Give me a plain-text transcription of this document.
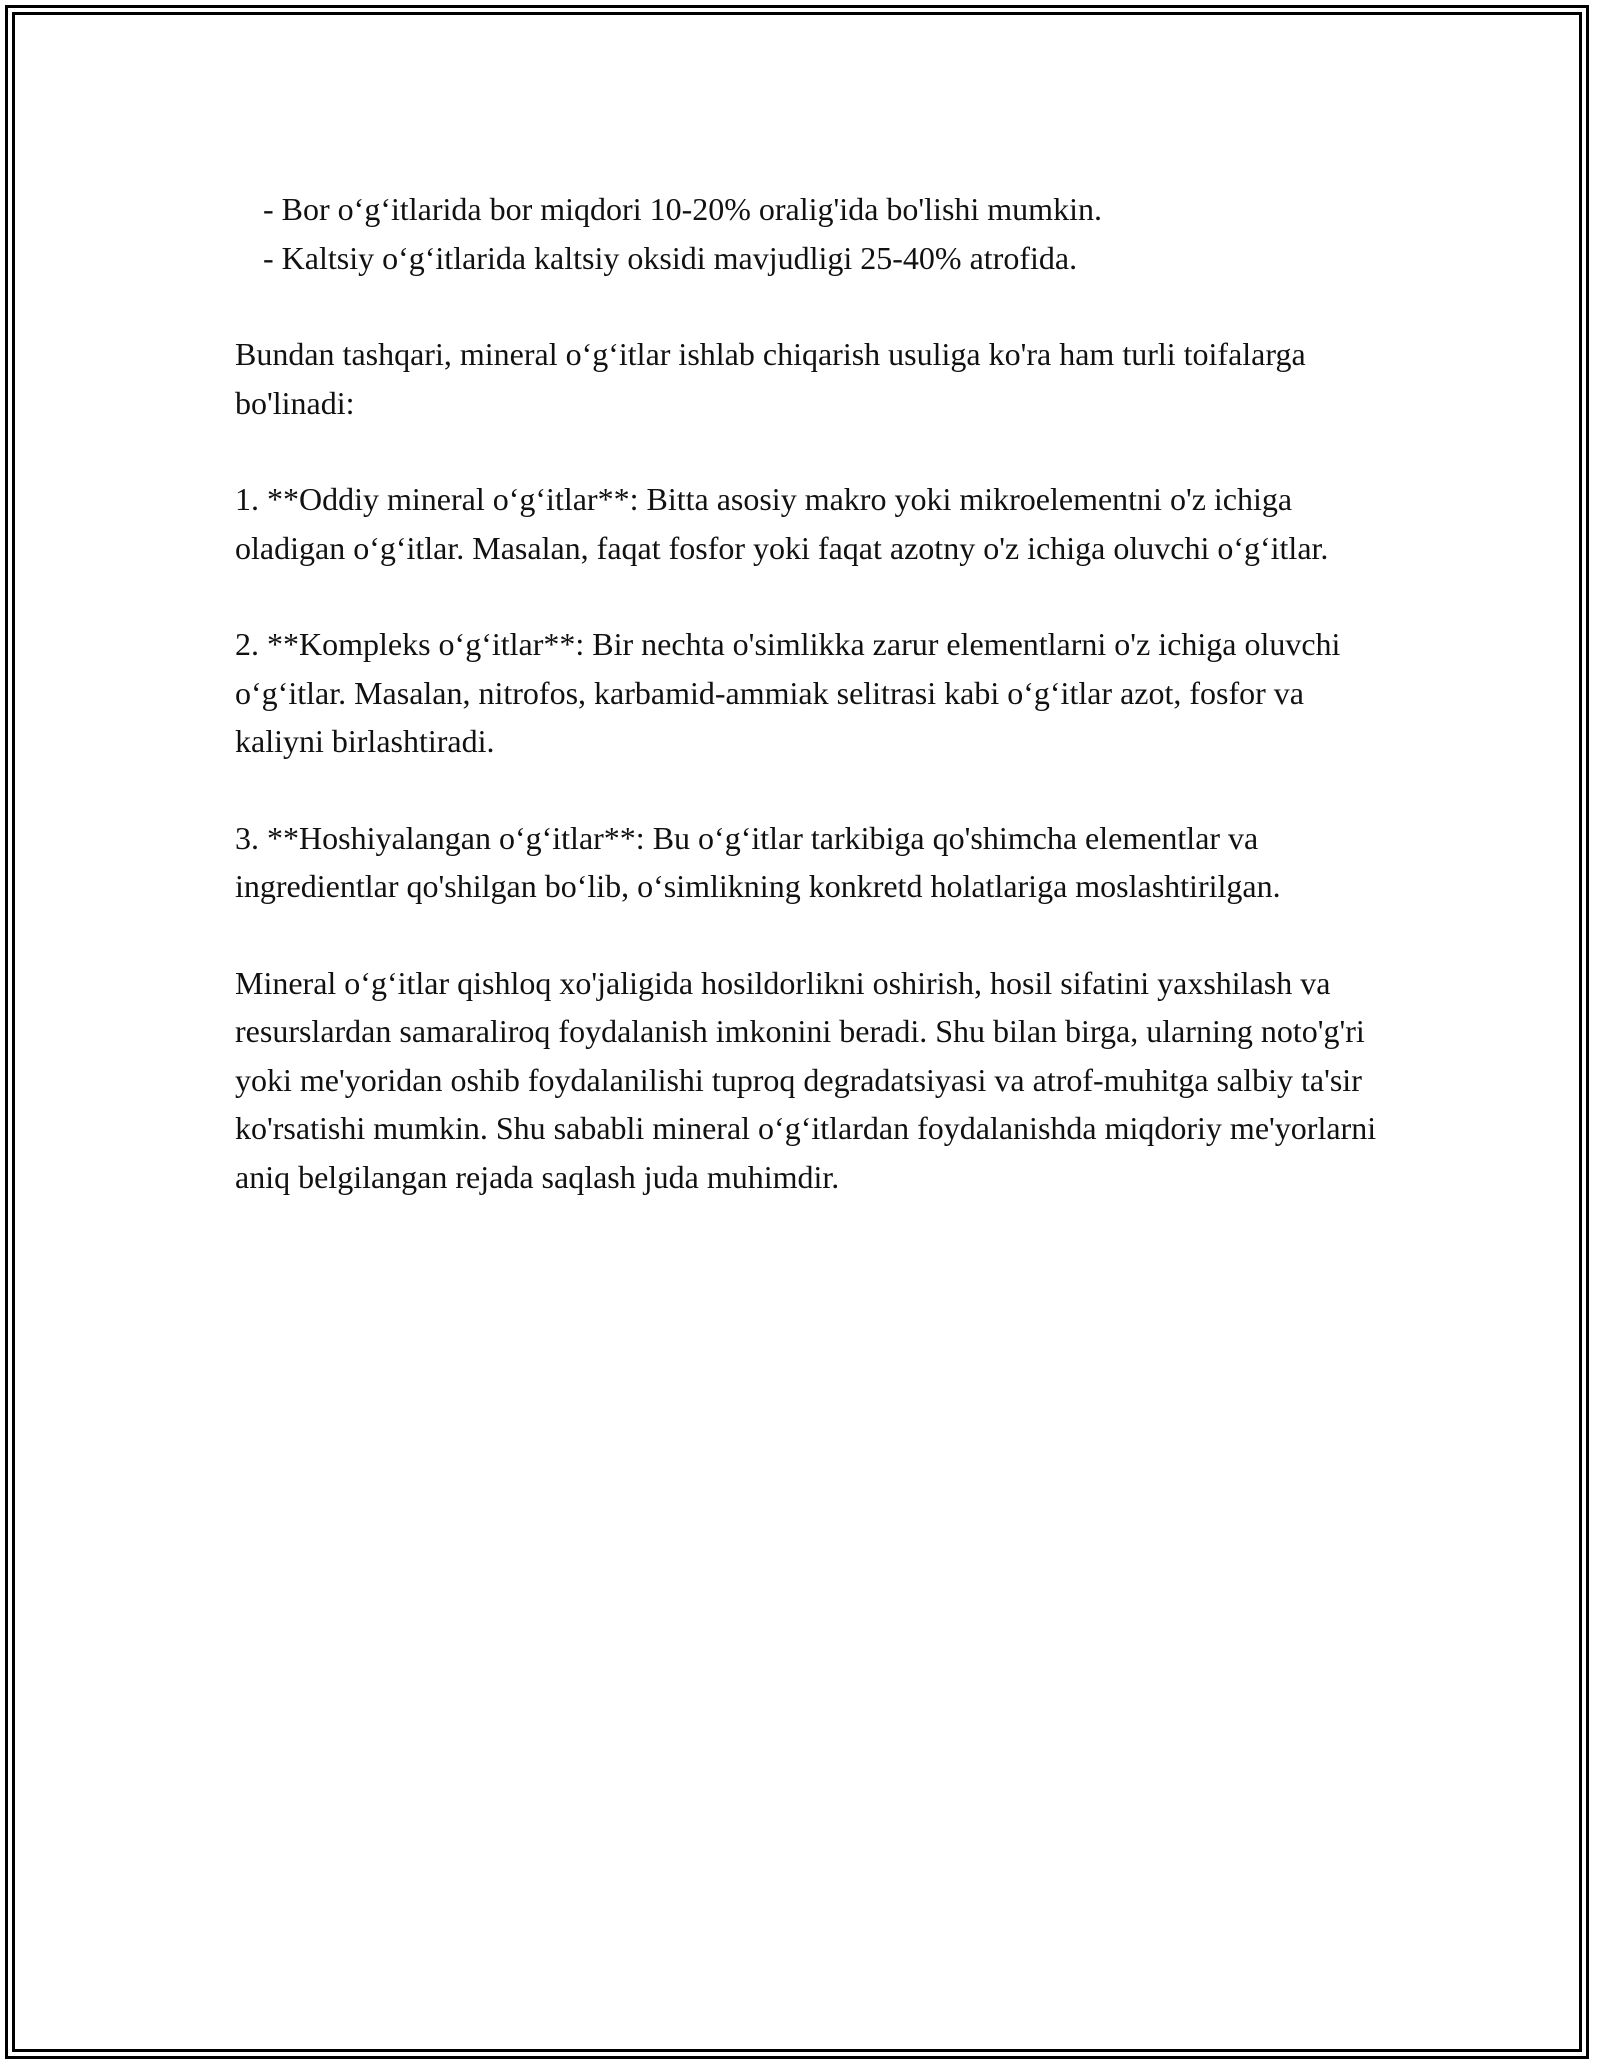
- Bor o‘g‘itlarida bor miqdori 10-20% oralig'ida bo'lishi mumkin.
- Kaltsiy o‘g‘itlarida kaltsiy oksidi mavjudligi 25-40% atrofida.

Bundan tashqari, mineral o‘g‘itlar ishlab chiqarish usuliga ko'ra ham turli toifalarga bo'linadi:

1. **Oddiy mineral o‘g‘itlar**: Bitta asosiy makro yoki mikroelementni o'z ichiga oladigan o‘g‘itlar. Masalan, faqat fosfor yoki faqat azotny o'z ichiga oluvchi o‘g‘itlar.

2. **Kompleks o‘g‘itlar**: Bir nechta o'simlikka zarur elementlarni o'z ichiga oluvchi o‘g‘itlar. Masalan, nitrofos, karbamid-ammiak selitrasi kabi o‘g‘itlar azot, fosfor va kaliyni birlashtiradi.

3. **Hoshiyalangan o‘g‘itlar**: Bu o‘g‘itlar tarkibiga qo'shimcha elementlar va ingredientlar qo'shilgan bo‘lib, o‘simlikning konkretd holatlariga moslashtirilgan.

Mineral o‘g‘itlar qishloq xo'jaligida hosildorlikni oshirish, hosil sifatini yaxshilash va resurslardan samaraliroq foydalanish imkonini beradi. Shu bilan birga, ularning noto'g'ri yoki me'yoridan oshib foydalanilishi tuproq degradatsiyasi va atrof-muhitga salbiy ta'sir ko'rsatishi mumkin. Shu sababli mineral o‘g‘itlardan foydalanishda miqdoriy me'yorlarni aniq belgilangan rejada saqlash juda muhimdir.
